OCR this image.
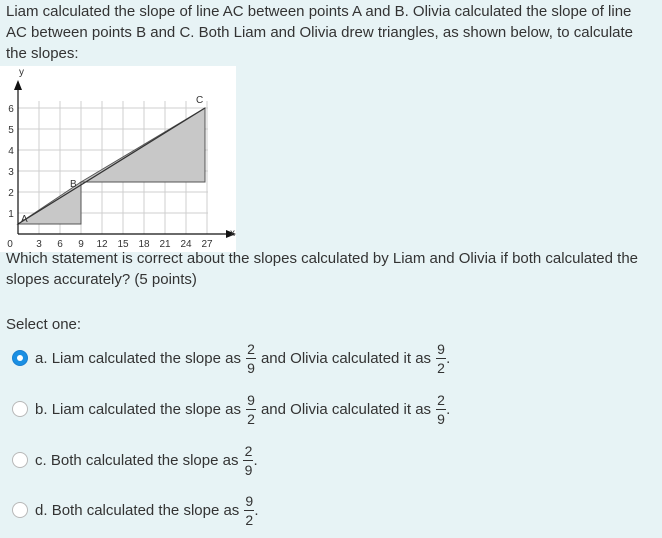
Liam calculated the slope of line AC between points A and B. Olivia calculated the slope of line AC between points B and C. Both Liam and Olivia drew triangles, as shown below, to calculate the slopes:

y
x
1
2
3
4
5
6
0 3 6 9 12 15 18 21 24 27
A
B
C

Which statement is correct about the slopes calculated by Liam and Olivia if both calculated the slopes accurately? (5 points)

Select one:
a.
Liam calculated the slope as $\frac{2}{9}$ and Olivia calculated it as $\frac{9}{2}$ .
b.
Liam calculated the slope as $\frac{9}{2}$ and Olivia calculated it as $\frac{2}{9}$ .
c.
Both calculated the slope as $\frac{2}{9}$ .
d.
Both calculated the slope as $\frac{9}{2}$ .
